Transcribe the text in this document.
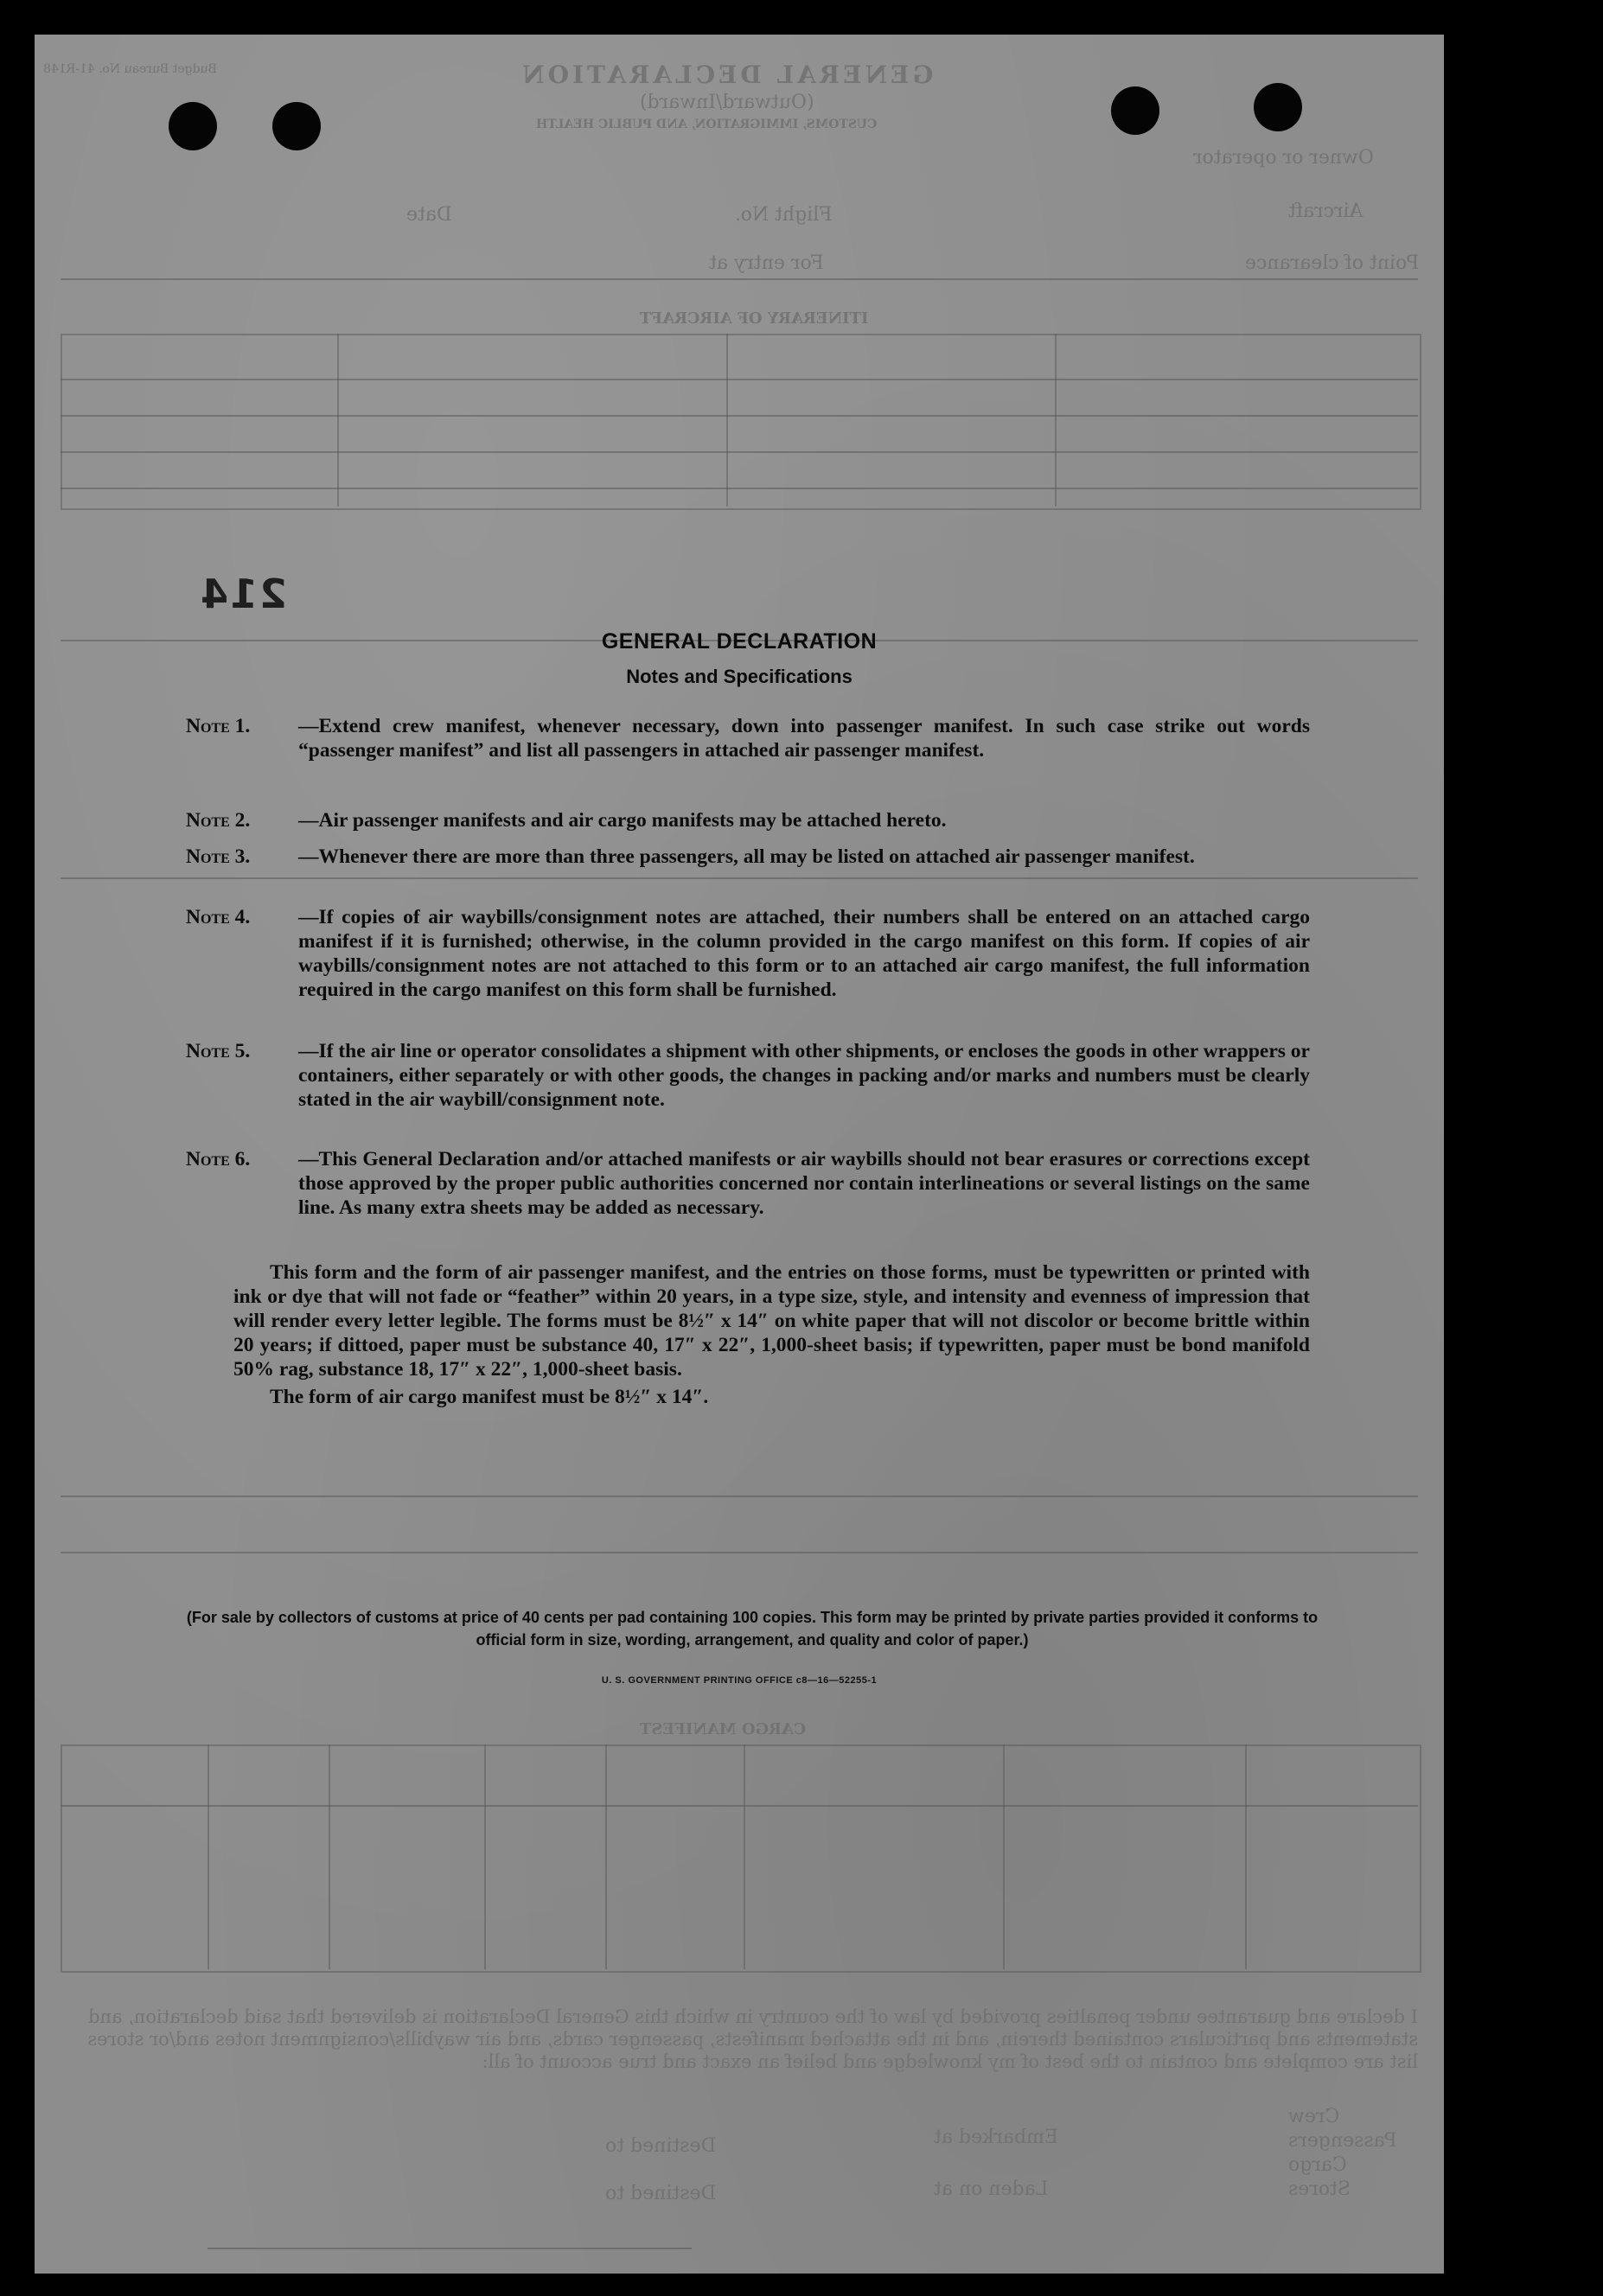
GENERAL DECLARATION
(Outward/Inward)
CUSTOMS, IMMIGRATION, AND PUBLIC HEALTH
Budget Bureau No. 41-R148
Owner or operator
Aircraft
Flight No.
Date
Point of clearance
For entry at
ITINERARY OF AIRCRAFT
CARGO MANIFEST
I declare and guarantee under penalties provided by law of the country in which this General Declaration is delivered that said declaration, and statements and particulars contained therein, and in the attached manifests, passenger cards, and air waybills/consignment notes and/or stores list are complete and contain to the best of my knowledge and belief an exact and true account of all:
Embarked at
Laden on at
Destined to
Destined to
Crew
Passengers
Cargo
Stores
214
GENERAL DECLARATION
Notes and Specifications
Note 1.	—Extend crew manifest, whenever necessary, down into passenger manifest. In such case strike out words “passenger manifest” and list all passengers in attached air passenger manifest.
Note 2.	—Air passenger manifests and air cargo manifests may be attached hereto.
Note 3.	—Whenever there are more than three passengers, all may be listed on attached air passenger manifest.
Note 4.	—If copies of air waybills/consignment notes are attached, their numbers shall be entered on an attached cargo manifest if it is furnished; otherwise, in the column provided in the cargo manifest on this form. If copies of air waybills/consignment notes are not attached to this form or to an attached air cargo manifest, the full information required in the cargo manifest on this form shall be furnished.
Note 5.	—If the air line or operator consolidates a shipment with other shipments, or encloses the goods in other wrappers or containers, either separately or with other goods, the changes in packing and/or marks and numbers must be clearly stated in the air waybill/consignment note.
Note 6.	—This General Declaration and/or attached manifests or air waybills should not bear erasures or corrections except those approved by the proper public authorities concerned nor contain interlineations or several listings on the same line. As many extra sheets may be added as necessary.
This form and the form of air passenger manifest, and the entries on those forms, must be typewritten or printed with ink or dye that will not fade or “feather” within 20 years, in a type size, style, and intensity and evenness of impression that will render every letter legible. The forms must be 8½″ x 14″ on white paper that will not discolor or become brittle within 20 years; if dittoed, paper must be substance 40, 17″ x 22″, 1,000-sheet basis; if typewritten, paper must be bond manifold 50% rag, substance 18, 17″ x 22″, 1,000-sheet basis.
The form of air cargo manifest must be 8½″ x 14″.
(For sale by collectors of customs at price of 40 cents per pad containing 100 copies. This form may be printed by private parties provided it conforms to official form in size, wording, arrangement, and quality and color of paper.)
U. S. GOVERNMENT PRINTING OFFICE c8—16—52255-1
